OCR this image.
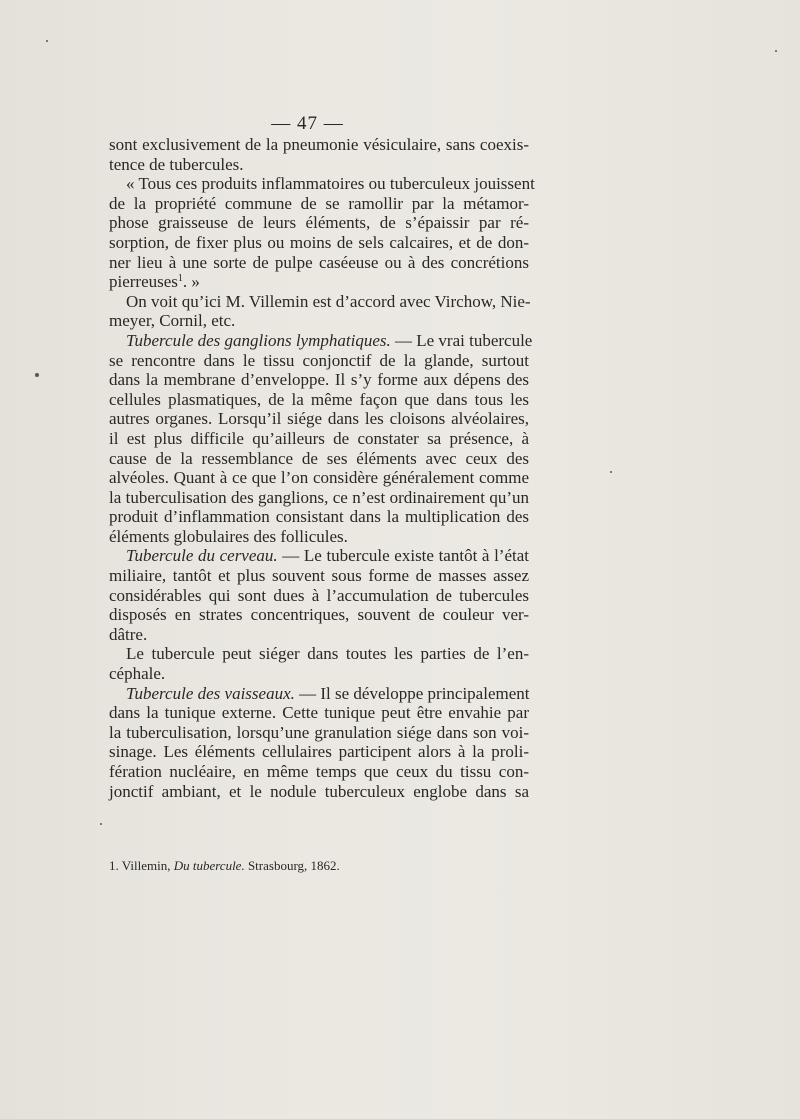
— 47 —
sont exclusivement de la pneumonie vésiculaire, sans coexis-
tence de tubercules.
« Tous ces produits inflammatoires ou tuberculeux jouissent
de la propriété commune de se ramollir par la métamor-
phose graisseuse de leurs éléments, de s’épaissir par ré-
sorption, de fixer plus ou moins de sels calcaires, et de don-
ner lieu à une sorte de pulpe caséeuse ou à des concrétions
pierreuses$^1$. »
On voit qu’ici M. Villemin est d’accord avec Virchow, Nie-
meyer, Cornil, etc.
Tubercule des ganglions lymphatiques. — Le vrai tubercule
se rencontre dans le tissu conjonctif de la glande, surtout
dans la membrane d’enveloppe. Il s’y forme aux dépens des
cellules plasmatiques, de la même façon que dans tous les
autres organes. Lorsqu’il siége dans les cloisons alvéolaires,
il est plus difficile qu’ailleurs de constater sa présence, à
cause de la ressemblance de ses éléments avec ceux des
alvéoles. Quant à ce que l’on considère généralement comme
la tuberculisation des ganglions, ce n’est ordinairement qu’un
produit d’inflammation consistant dans la multiplication des
éléments globulaires des follicules.
Tubercule du cerveau. — Le tubercule existe tantôt à l’état
miliaire, tantôt et plus souvent sous forme de masses assez
considérables qui sont dues à l’accumulation de tubercules
disposés en strates concentriques, souvent de couleur ver-
dâtre.
Le tubercule peut siéger dans toutes les parties de l’en-
céphale.
Tubercule des vaisseaux. — Il se développe principalement
dans la tunique externe. Cette tunique peut être envahie par
la tuberculisation, lorsqu’une granulation siége dans son voi-
sinage. Les éléments cellulaires participent alors à la proli-
fération nucléaire, en même temps que ceux du tissu con-
jonctif ambiant, et le nodule tuberculeux englobe dans sa
1. Villemin, Du tubercule. Strasbourg, 1862.
